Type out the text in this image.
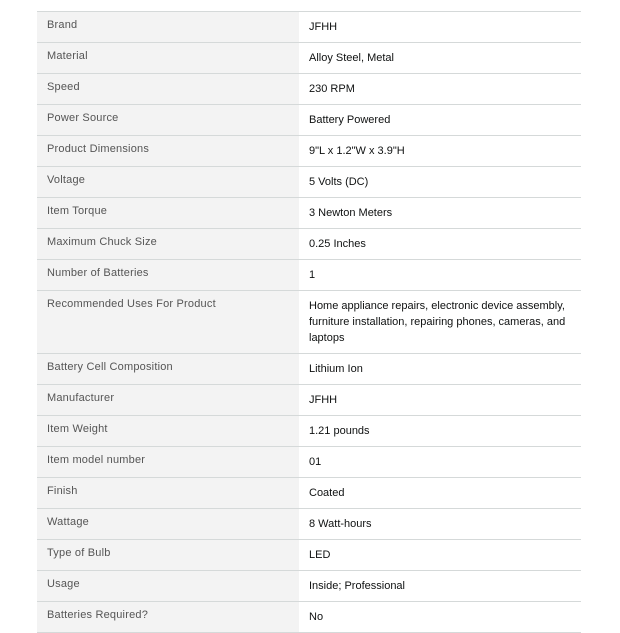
Brand	JFHH
Material	Alloy Steel, Metal
Speed	230 RPM
Power Source	Battery Powered
Product Dimensions	9"L x 1.2"W x 3.9"H
Voltage	5 Volts (DC)
Item Torque	3 Newton Meters
Maximum Chuck Size	0.25 Inches
Number of Batteries	1
Recommended Uses For Product	Home appliance repairs, electronic device assembly, furniture installation, repairing phones, cameras, and laptops
Battery Cell Composition	Lithium Ion
Manufacturer	JFHH
Item Weight	1.21 pounds
Item model number	01
Finish	Coated
Wattage	8 Watt-hours
Type of Bulb	LED
Usage	Inside; Professional
Batteries Required?	No
